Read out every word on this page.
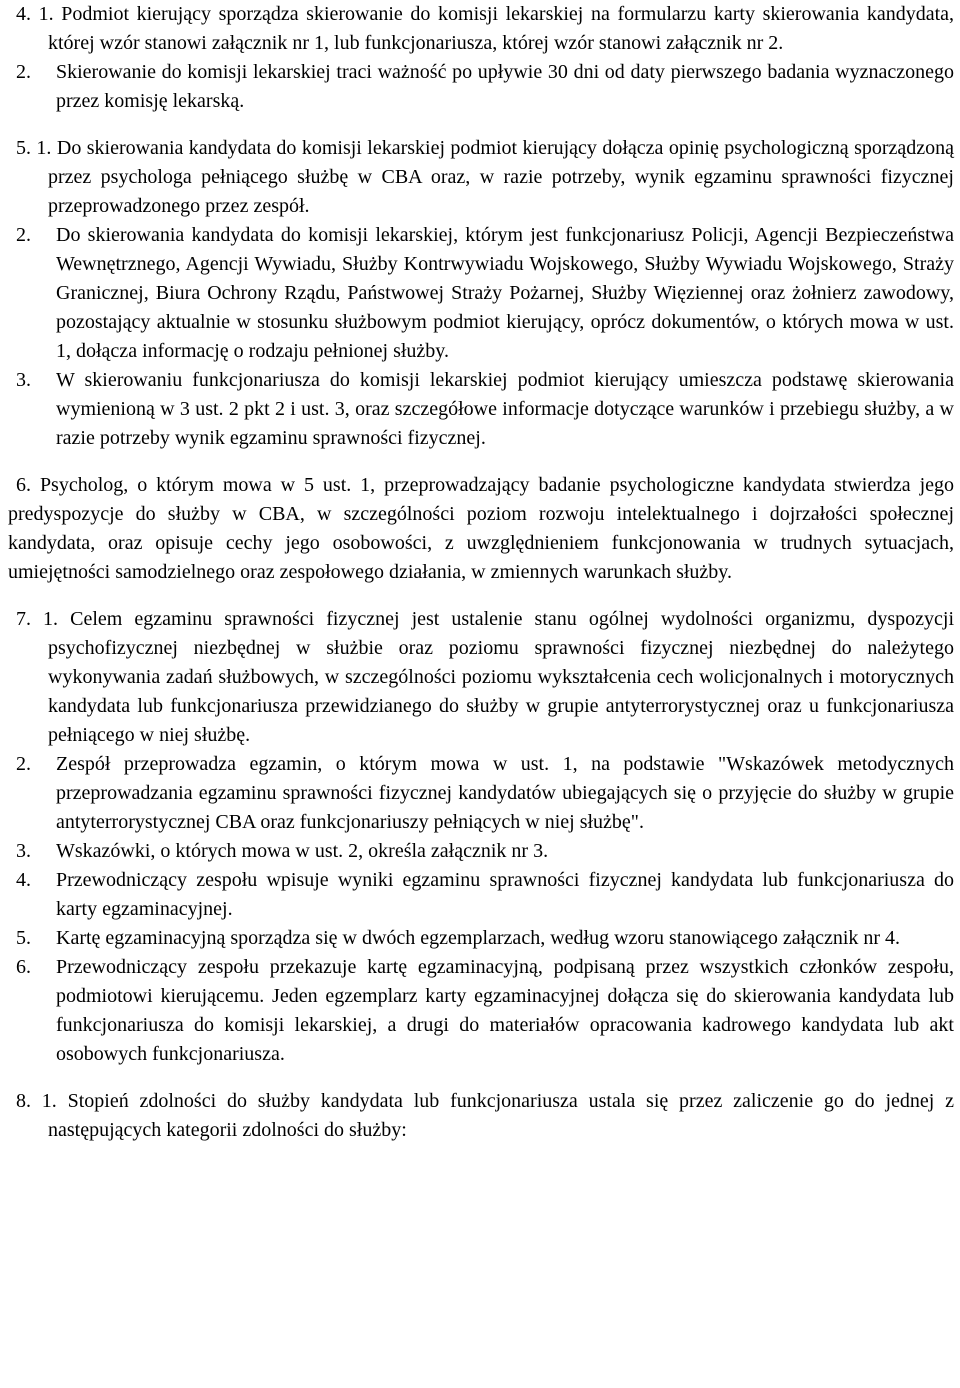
4. 1. Podmiot kierujący sporządza skierowanie do komisji lekarskiej na formularzu karty skierowania kandydata, której wzór stanowi załącznik nr 1, lub funkcjonariusza, której wzór stanowi załącznik nr 2.

2. Skierowanie do komisji lekarskiej traci ważność po upływie 30 dni od daty pierwszego badania wyznaczonego przez komisję lekarską.

5. 1. Do skierowania kandydata do komisji lekarskiej podmiot kierujący dołącza opinię psychologiczną sporządzoną przez psychologa pełniącego służbę w CBA oraz, w razie potrzeby, wynik egzaminu sprawności fizycznej przeprowadzonego przez zespół.

2. Do skierowania kandydata do komisji lekarskiej, którym jest funkcjonariusz Policji, Agencji Bezpieczeństwa Wewnętrznego, Agencji Wywiadu, Służby Kontrwywiadu Wojskowego, Służby Wywiadu Wojskowego, Straży Granicznej, Biura Ochrony Rządu, Państwowej Straży Pożarnej, Służby Więziennej oraz żołnierz zawodowy, pozostający aktualnie w stosunku służbowym podmiot kierujący, oprócz dokumentów, o których mowa w ust. 1, dołącza informację o rodzaju pełnionej służby.
3. W skierowaniu funkcjonariusza do komisji lekarskiej podmiot kierujący umieszcza podstawę skierowania wymienioną w 3 ust. 2 pkt 2 i ust. 3, oraz szczegółowe informacje dotyczące warunków i przebiegu służby, a w razie potrzeby wynik egzaminu sprawności fizycznej.

6. Psycholog, o którym mowa w 5 ust. 1, przeprowadzający badanie psychologiczne kandydata stwierdza jego predyspozycje do służby w CBA, w szczególności poziom rozwoju intelektualnego i dojrzałości społecznej kandydata, oraz opisuje cechy jego osobowości, z uwzględnieniem funkcjonowania w trudnych sytuacjach, umiejętności samodzielnego oraz zespołowego działania, w zmiennych warunkach służby.

7. 1. Celem egzaminu sprawności fizycznej jest ustalenie stanu ogólnej wydolności organizmu, dyspozycji psychofizycznej niezbędnej w służbie oraz poziomu sprawności fizycznej niezbędnej do należytego wykonywania zadań służbowych, w szczególności poziomu wykształcenia cech wolicjonalnych i motorycznych kandydata lub funkcjonariusza przewidzianego do służby w grupie antyterrorystycznej oraz u funkcjonariusza pełniącego w niej służbę.

2. Zespół przeprowadza egzamin, o którym mowa w ust. 1, na podstawie "Wskazówek metodycznych przeprowadzania egzaminu sprawności fizycznej kandydatów ubiegających się o przyjęcie do służby w grupie antyterrorystycznej CBA oraz funkcjonariuszy pełniących w niej służbę".
3. Wskazówki, o których mowa w ust. 2, określa załącznik nr 3.
4. Przewodniczący zespołu wpisuje wyniki egzaminu sprawności fizycznej kandydata lub funkcjonariusza do karty egzaminacyjnej.
5. Kartę egzaminacyjną sporządza się w dwóch egzemplarzach, według wzoru stanowiącego załącznik nr 4.
6. Przewodniczący zespołu przekazuje kartę egzaminacyjną, podpisaną przez wszystkich członków zespołu, podmiotowi kierującemu. Jeden egzemplarz karty egzaminacyjnej dołącza się do skierowania kandydata lub funkcjonariusza do komisji lekarskiej, a drugi do materiałów opracowania kadrowego kandydata lub akt osobowych funkcjonariusza.

8. 1. Stopień zdolności do służby kandydata lub funkcjonariusza ustala się przez zaliczenie go do jednej z następujących kategorii zdolności do służby:
